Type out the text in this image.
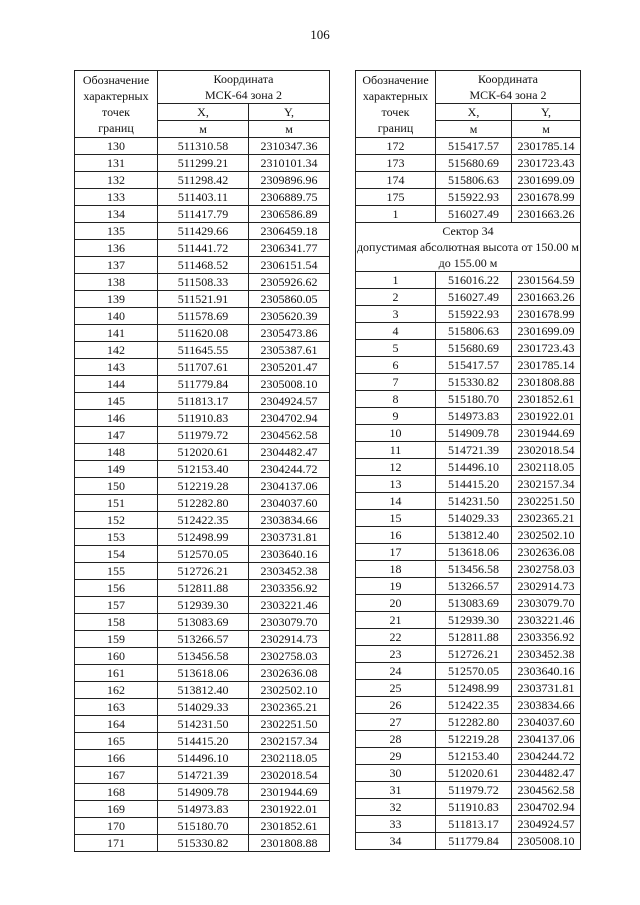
106
Обозначение
характерных
точек
границ	Координата
МСК-64 зона 2	
	X,	Y,
	м	м
130	511310.58	2310347.36
131	511299.21	2310101.34
132	511298.42	2309896.96
133	511403.11	2306889.75
134	511417.79	2306586.89
135	511429.66	2306459.18
136	511441.72	2306341.77
137	511468.52	2306151.54
138	511508.33	2305926.62
139	511521.91	2305860.05
140	511578.69	2305620.39
141	511620.08	2305473.86
142	511645.55	2305387.61
143	511707.61	2305201.47
144	511779.84	2305008.10
145	511813.17	2304924.57
146	511910.83	2304702.94
147	511979.72	2304562.58
148	512020.61	2304482.47
149	512153.40	2304244.72
150	512219.28	2304137.06
151	512282.80	2304037.60
152	512422.35	2303834.66
153	512498.99	2303731.81
154	512570.05	2303640.16
155	512726.21	2303452.38
156	512811.88	2303356.92
157	512939.30	2303221.46
158	513083.69	2303079.70
159	513266.57	2302914.73
160	513456.58	2302758.03
161	513618.06	2302636.08
162	513812.40	2302502.10
163	514029.33	2302365.21
164	514231.50	2302251.50
165	514415.20	2302157.34
166	514496.10	2302118.05
167	514721.39	2302018.54
168	514909.78	2301944.69
169	514973.83	2301922.01
170	515180.70	2301852.61
171	515330.82	2301808.88
Обозначение
характерных
точек
границ	Координата
МСК-64 зона 2	
	X,	Y,
	м	м
172	515417.57	2301785.14
173	515680.69	2301723.43
174	515806.63	2301699.09
175	515922.93	2301678.99
1	516027.49	2301663.26
Сектор 34
допустимая абсолютная высота от 150.00 м до 155.00 м		
1	516016.22	2301564.59
2	516027.49	2301663.26
3	515922.93	2301678.99
4	515806.63	2301699.09
5	515680.69	2301723.43
6	515417.57	2301785.14
7	515330.82	2301808.88
8	515180.70	2301852.61
9	514973.83	2301922.01
10	514909.78	2301944.69
11	514721.39	2302018.54
12	514496.10	2302118.05
13	514415.20	2302157.34
14	514231.50	2302251.50
15	514029.33	2302365.21
16	513812.40	2302502.10
17	513618.06	2302636.08
18	513456.58	2302758.03
19	513266.57	2302914.73
20	513083.69	2303079.70
21	512939.30	2303221.46
22	512811.88	2303356.92
23	512726.21	2303452.38
24	512570.05	2303640.16
25	512498.99	2303731.81
26	512422.35	2303834.66
27	512282.80	2304037.60
28	512219.28	2304137.06
29	512153.40	2304244.72
30	512020.61	2304482.47
31	511979.72	2304562.58
32	511910.83	2304702.94
33	511813.17	2304924.57
34	511779.84	2305008.10
